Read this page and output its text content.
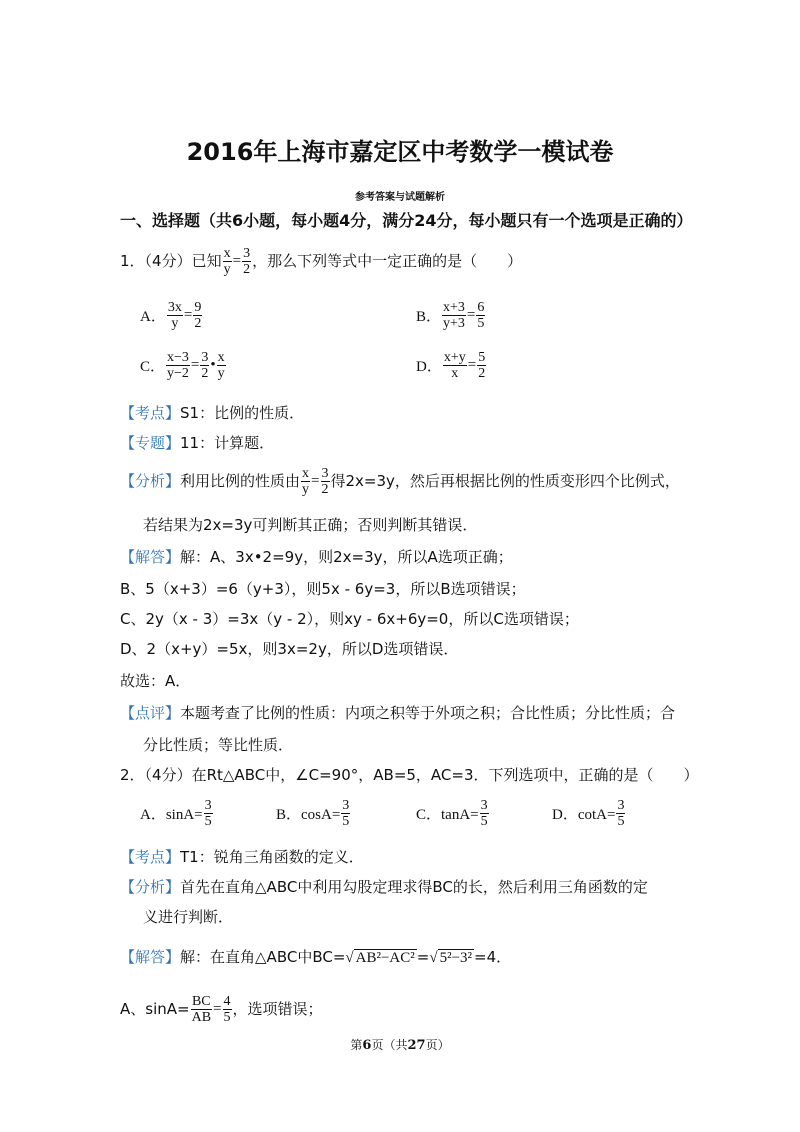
2016年上海市嘉定区中考数学一模试卷
参考答案与试题解析
一、选择题（共6小题，每小题4分，满分24分，每小题只有一个选项是正确的）
1．（4分）已知 $\frac{x}{y} = \frac{3}{2}$ ，那么下列等式中一定正确的是（　　）
A． $\frac{3x}{y} = \frac{9}{2}$	B． $\frac{x+3}{y+3} = \frac{6}{5}$
C． $\frac{x-3}{y-2} = \frac{3}{2}$ • $\frac{x}{y}$	D． $\frac{x+y}{x} = \frac{5}{2}$
【考点】S1：比例的性质．
【专题】11：计算题．
【分析】利用比例的性质由 $\frac{x}{y} = \frac{3}{2}$ 得2x=3y，然后再根据比例的性质变形四个比例式，
若结果为2x=3y可判断其正确；否则判断其错误．
【解答】解：A、3x•2=9y，则2x=3y，所以A选项正确；
B、5（x+3）=6（y+3），则5x - 6y=3，所以B选项错误；
C、2y（x - 3）=3x（y - 2），则xy - 6x+6y=0，所以C选项错误；
D、2（x+y）=5x，则3x=2y，所以D选项错误．
故选：A．
【点评】本题考查了比例的性质：内项之积等于外项之积；合比性质；分比性质；合
分比性质；等比性质．
2．（4分）在Rt△ABC中，∠C=90°，AB=5，AC=3．下列选项中，正确的是（　　）
A．$\sin A= \frac{3}{5}$	B．$\cos A= \frac{3}{5}$	C．$\tan A= \frac{3}{5}$	D．$\cot A= \frac{3}{5}$
【考点】T1：锐角三角函数的定义．
【分析】首先在直角△ABC中利用勾股定理求得BC的长，然后利用三角函数的定
义进行判断．
【解答】解：在直角△ABC中BC=√ AB²−AC² =√ 5²−3² =4．
A、$\sin A= \frac{BC}{AB} = \frac{4}{5}$ ，选项错误；
第6页（共27页）
